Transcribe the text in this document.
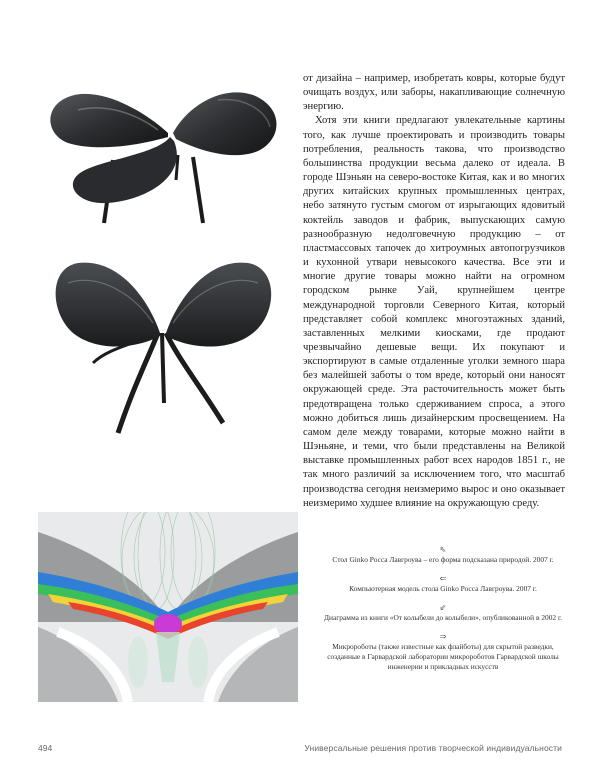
от дизайна – например, изобретать ковры, которые будут очищать воздух, или заборы, накапливающие солнечную энергию.

Хотя эти книги предлагают увлекательные картины того, как лучше проектировать и производить товары потребления, реальность такова, что производство большинства продукции весьма далеко от идеала. В городе Шэньян на северо-востоке Китая, как и во многих других китайских крупных промышленных центрах, небо затянуто густым смогом от изрыгающих ядовитый коктейль заводов и фабрик, выпускающих самую разнообразную недолговечную продукцию – от пластмассовых тапочек до хитроумных автопогрузчиков и кухонной утвари невысокого качества. Все эти и многие другие товары можно найти на огромном городском рынке Уай, крупнейшем центре международной торговли Северного Китая, который представляет собой комплекс многоэтажных зданий, заставленных мелкими киосками, где продают чрезвычайно дешевые вещи. Их покупают и экспортируют в самые отдаленные уголки земного шара без малейшей заботы о том вреде, который они наносят окружающей среде. Эта расточительность может быть предотвращена только сдерживанием спроса, а этого можно добиться лишь дизайнерским просвещением. На самом деле между товарами, которые можно найти в Шэньяне, и теми, что были представлены на Великой выставке промышленных работ всех народов 1851 г., не так много различий за исключением того, что масштаб производства сегодня неизмеримо вырос и оно оказывает неизмеримо худшее влияние на окружающую среду.

⇖
Стол Ginko Росса Лавгроува – его форма подсказана природой. 2007 г.
⇐
Компьютерная модель стола Ginko Росса Лавгроува. 2007 г.
⇙
Диаграмма из книги «От колыбели до колыбели», опубликованной в 2002 г.
⇒
Микророботы (также известные как флайботы) для скрытой разведки, созданные в Гарвардской лаборатории микророботов Гарвардской школы инженерии и прикладных искусств
494	Универсальные решения против творческой индивидуальности
